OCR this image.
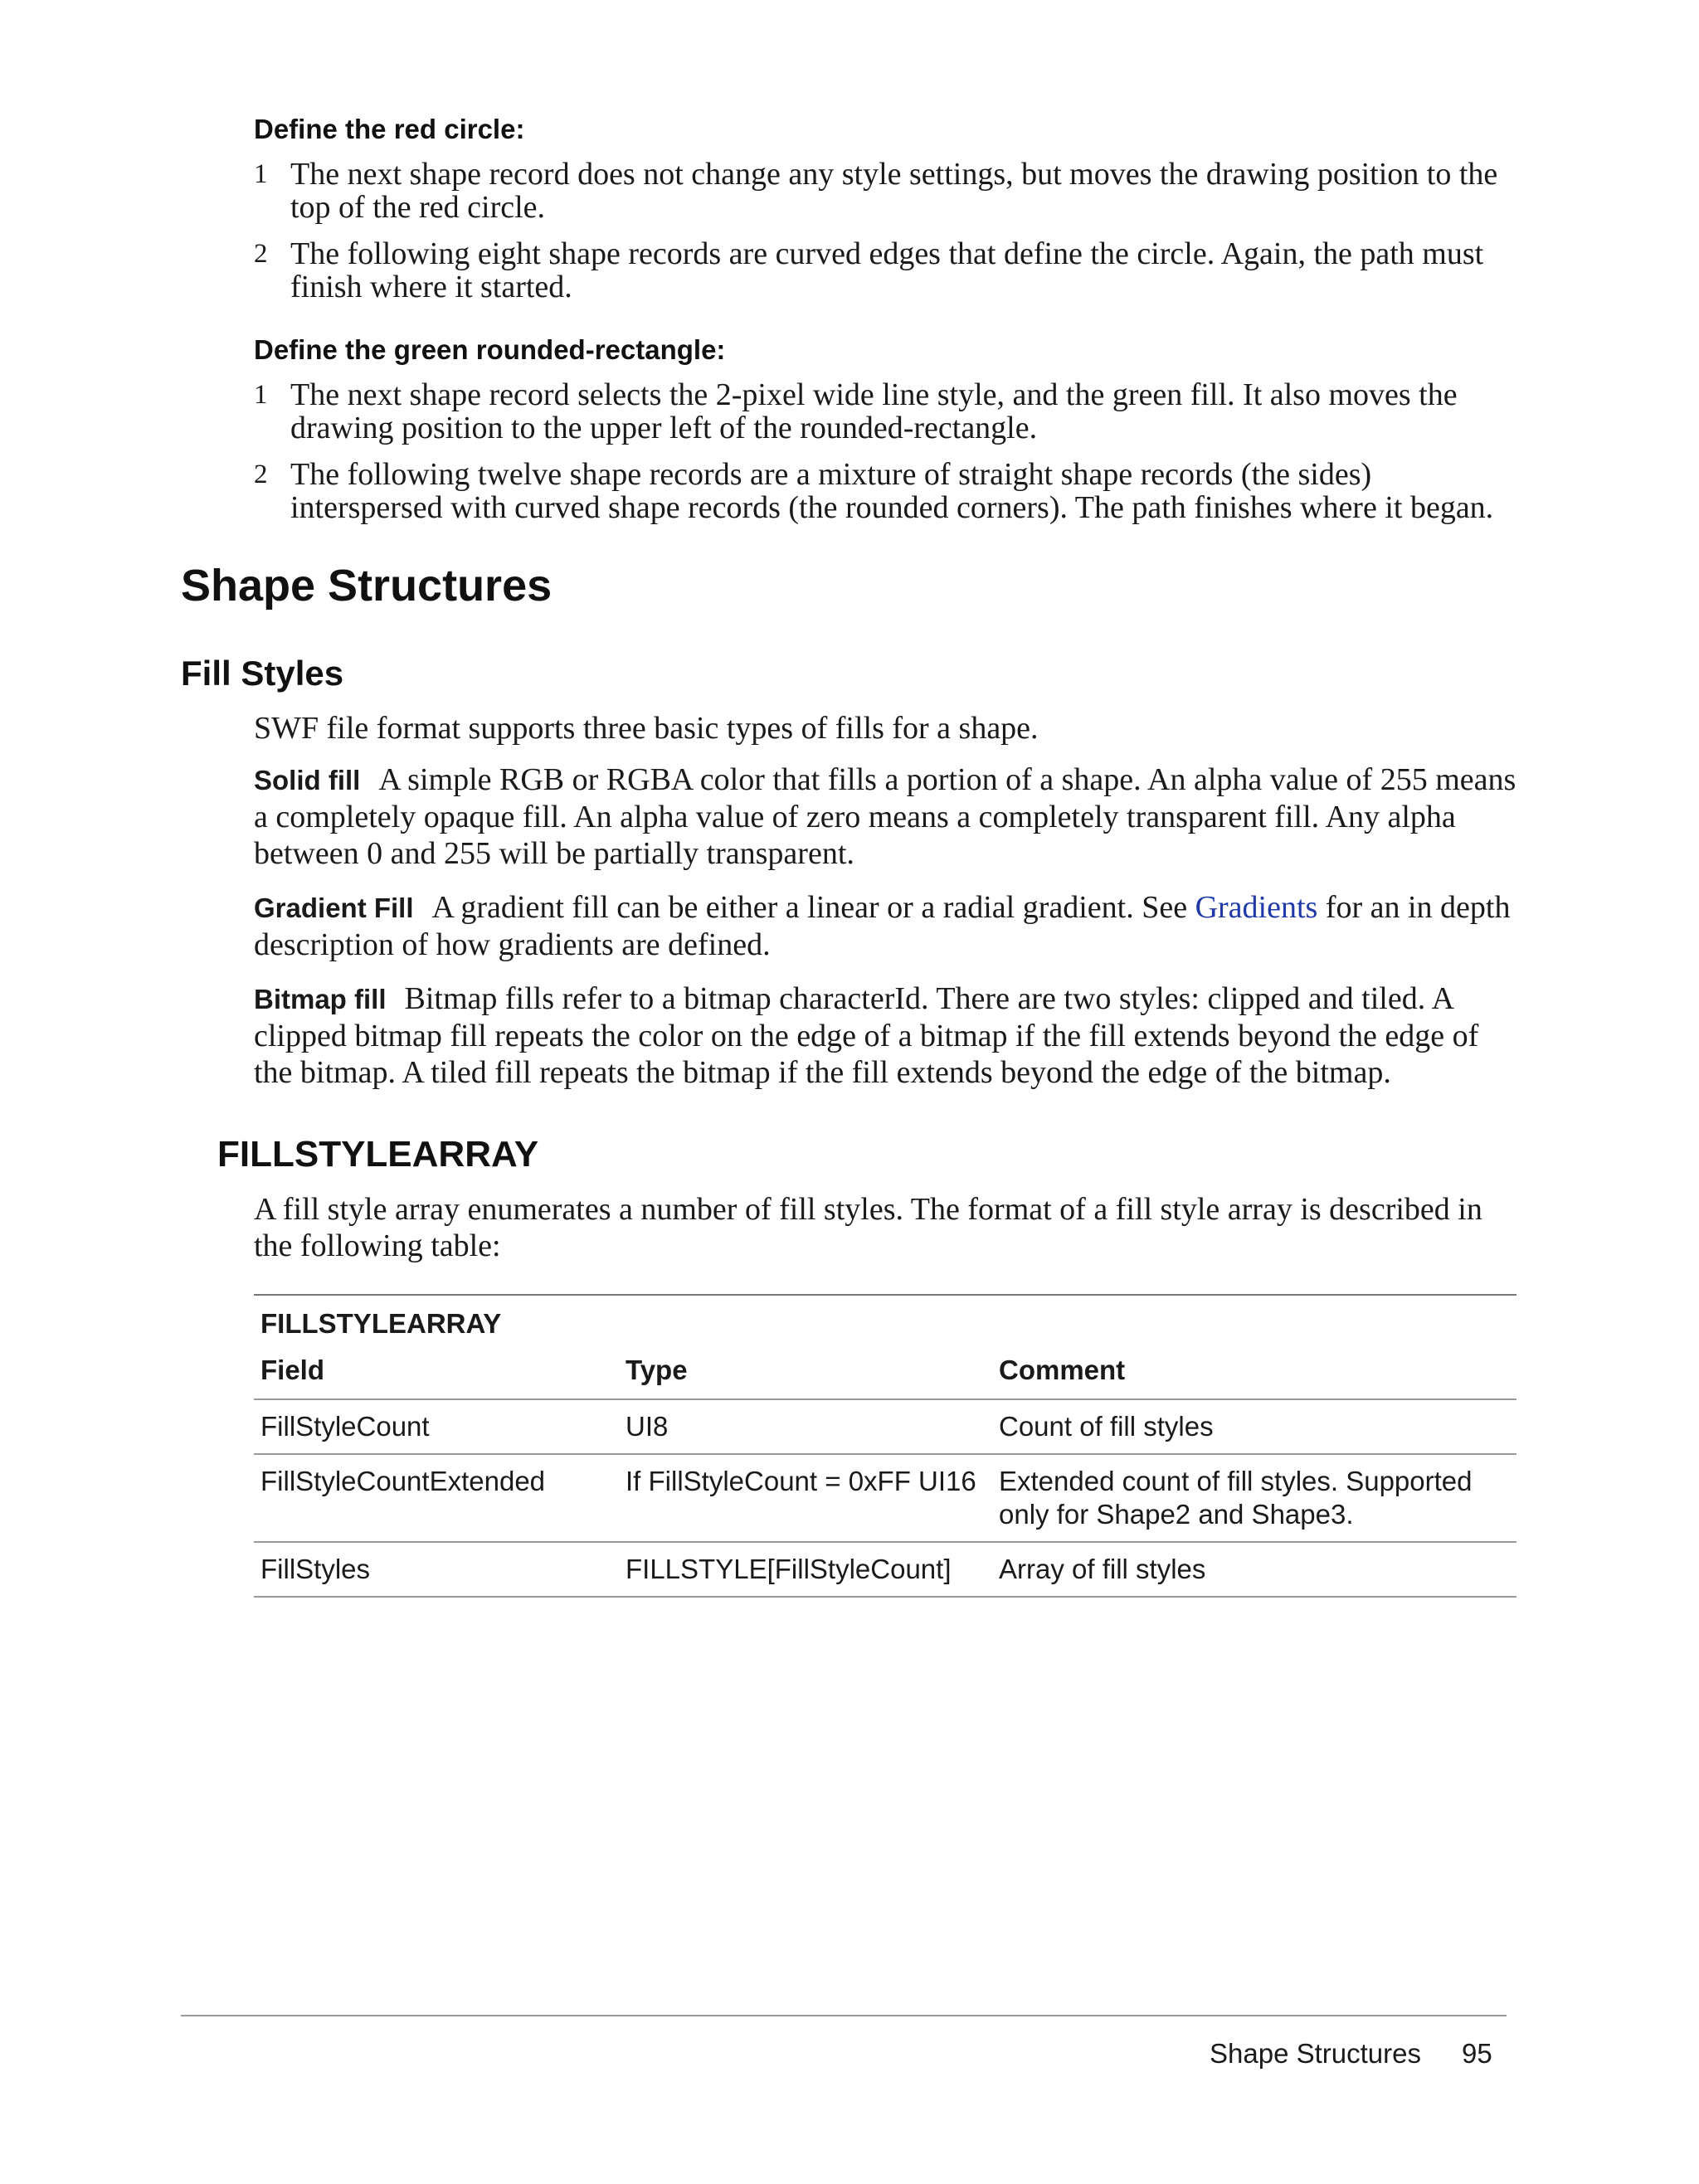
Define the red circle:
1 The next shape record does not change any style settings, but moves the drawing position to the top of the red circle.
2 The following eight shape records are curved edges that define the circle. Again, the path must finish where it started.
Define the green rounded-rectangle:
1 The next shape record selects the 2-pixel wide line style, and the green fill. It also moves the drawing position to the upper left of the rounded-rectangle.
2 The following twelve shape records are a mixture of straight shape records (the sides) interspersed with curved shape records (the rounded corners). The path finishes where it began.
Shape Structures
Fill Styles

SWF file format supports three basic types of fills for a shape.

Solid fill A simple RGB or RGBA color that fills a portion of a shape. An alpha value of 255 means a completely opaque fill. An alpha value of zero means a completely transparent fill. Any alpha between 0 and 255 will be partially transparent.

Gradient Fill A gradient fill can be either a linear or a radial gradient. See Gradients for an in depth description of how gradients are defined.

Bitmap fill Bitmap fills refer to a bitmap characterId. There are two styles: clipped and tiled. A clipped bitmap fill repeats the color on the edge of a bitmap if the fill extends beyond the edge of the bitmap. A tiled fill repeats the bitmap if the fill extends beyond the edge of the bitmap.

FILLSTYLEARRAY

A fill style array enumerates a number of fill styles. The format of a fill style array is described in the following table:

FILLSTYLEARRAY		
Field	Type	Comment
FillStyleCount	UI8	Count of fill styles
FillStyleCountExtended	If FillStyleCount = 0xFF UI16	Extended count of fill styles. Supported only for Shape2 and Shape3.
FillStyles	FILLSTYLE[FillStyleCount]	Array of fill styles
Shape Structures 95
